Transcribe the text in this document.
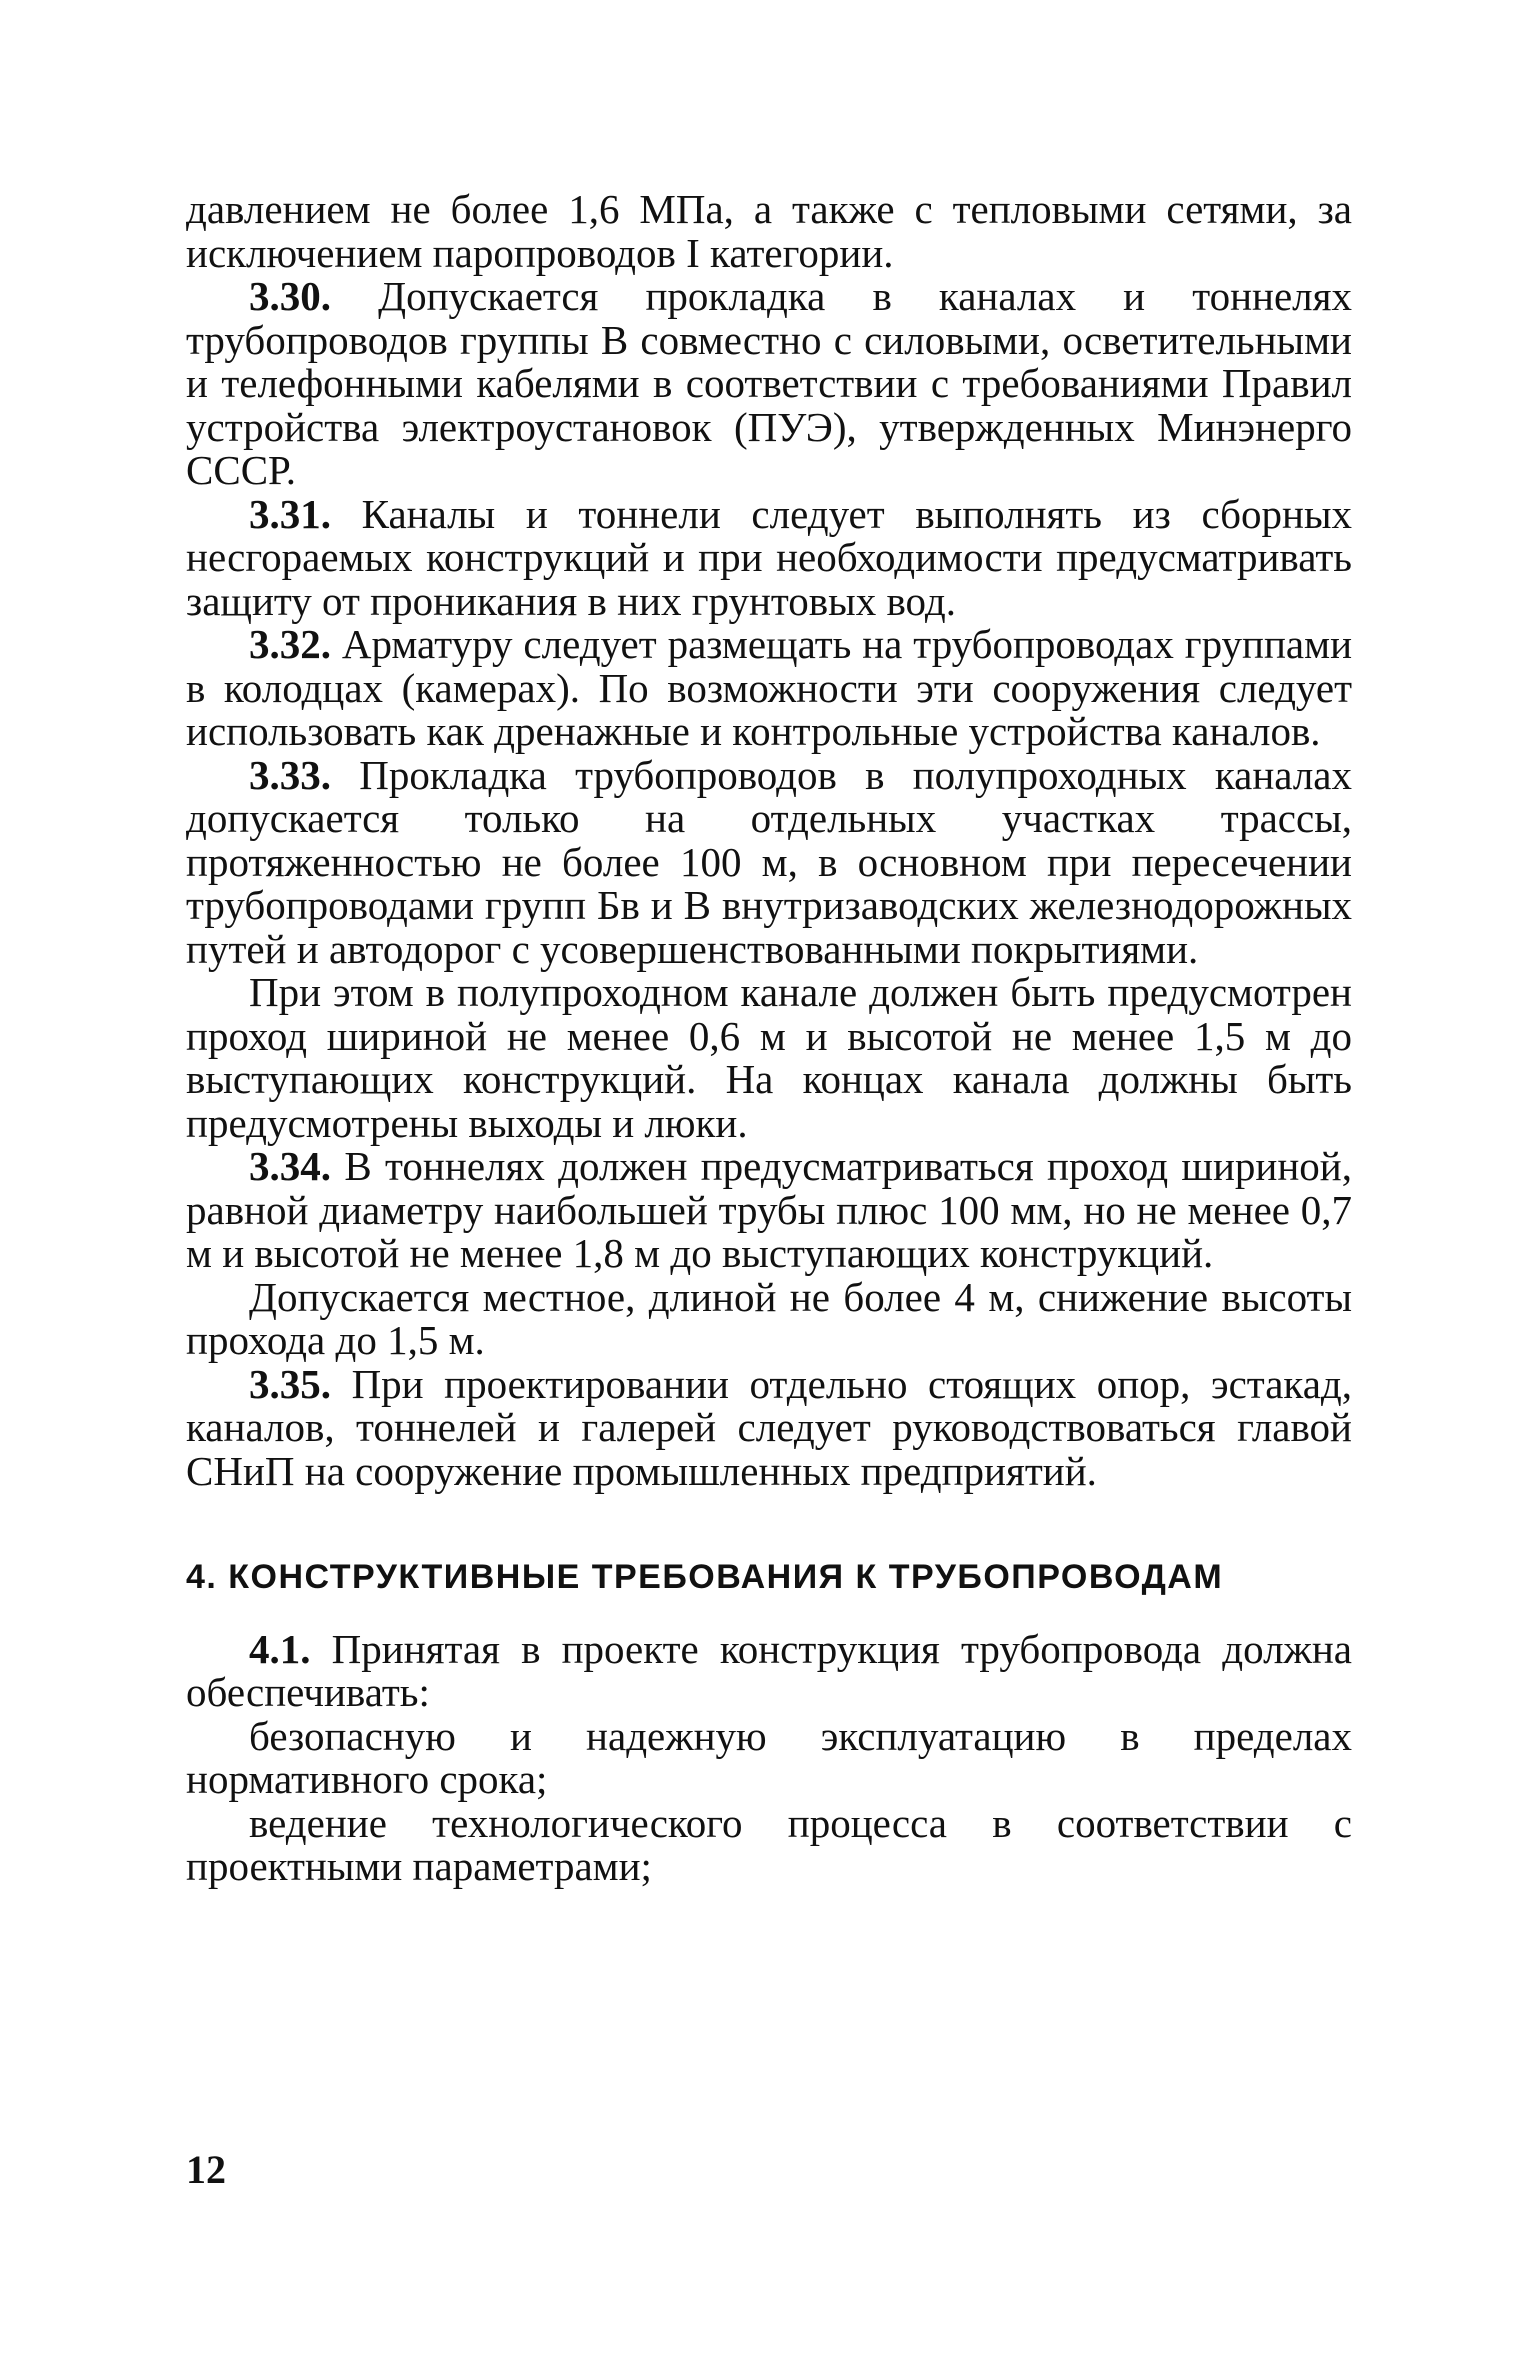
давлением не более 1,6 МПа, а также с тепловыми сетями, за исключением паропроводов I категории.

3.30. Допускается прокладка в каналах и тоннелях трубопроводов группы В совместно с силовыми, осветительными и телефонными кабелями в соответствии с требованиями Правил устройства электроустановок (ПУЭ), утвержденных Минэнерго СССР.

3.31. Каналы и тоннели следует выполнять из сборных несгораемых конструкций и при необходимости предусматривать защиту от проникания в них грунтовых вод.

3.32. Арматуру следует размещать на трубопроводах группами в колодцах (камерах). По возможности эти сооружения следует использовать как дренажные и контрольные устройства каналов.

3.33. Прокладка трубопроводов в полупроходных каналах допускается только на отдельных участках трассы, протяженностью не более 100 м, в основном при пересечении трубопроводами групп Бв и В внутризаводских железнодорожных путей и автодорог с усовершенствованными покрытиями.

При этом в полупроходном канале должен быть предусмотрен проход шириной не менее 0,6 м и высотой не менее 1,5 м до выступающих конструкций. На концах канала должны быть предусмотрены выходы и люки.

3.34. В тоннелях должен предусматриваться проход шириной, равной диаметру наибольшей трубы плюс 100 мм, но не менее 0,7 м и высотой не менее 1,8 м до выступающих конструкций.

Допускается местное, длиной не более 4 м, снижение высоты прохода до 1,5 м.

3.35. При проектировании отдельно стоящих опор, эстакад, каналов, тоннелей и галерей следует руководствоваться главой СНиП на сооружение промышленных предприятий.

4. КОНСТРУКТИВНЫЕ ТРЕБОВАНИЯ К ТРУБОПРОВОДАМ

4.1. Принятая в проекте конструкция трубопровода должна обеспечивать:

безопасную и надежную эксплуатацию в пределах нормативного срока;

ведение технологического процесса в соответствии с проектными параметрами;

12
